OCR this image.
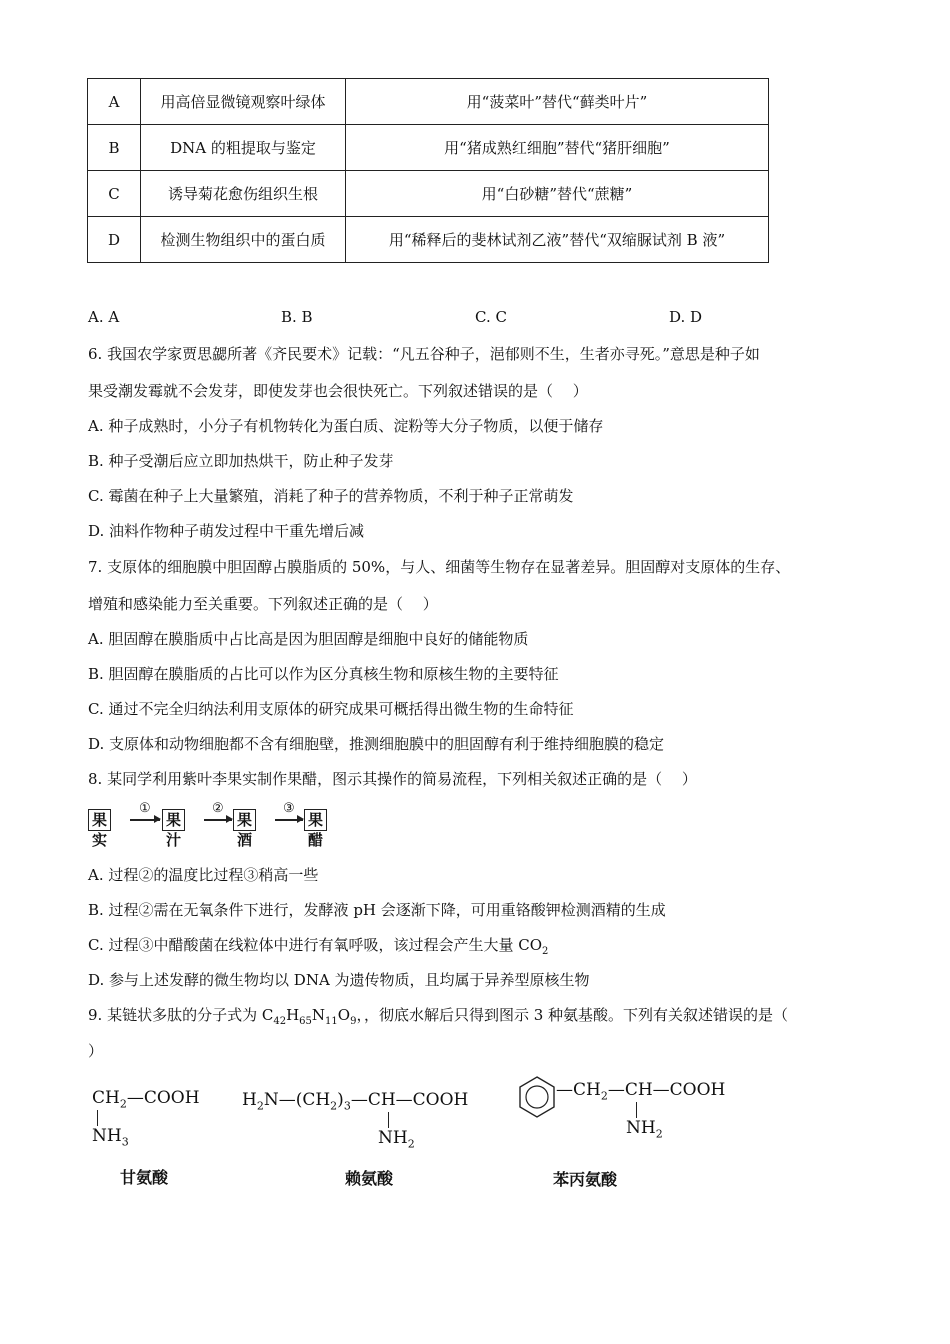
A	用高倍显微镜观察叶绿体	用“菠菜叶”替代“藓类叶片”
B	DNA 的粗提取与鉴定	用“猪成熟红细胞”替代“猪肝细胞”
C	诱导菊花愈伤组织生根	用“白砂糖”替代“蔗糖”
D	检测生物组织中的蛋白质	用“稀释后的斐林试剂乙液”替代“双缩脲试剂 B 液”
A. A	B. B	C. C	D. D
6. 我国农学家贾思勰所著《齐民要术》记载：“凡五谷种子，浥郁则不生，生者亦寻死。”意思是种子如
果受潮发霉就不会发芽，即使发芽也会很快死亡。下列叙述错误的是（　 ）
A. 种子成熟时，小分子有机物转化为蛋白质、淀粉等大分子物质，以便于储存
B. 种子受潮后应立即加热烘干，防止种子发芽
C. 霉菌在种子上大量繁殖，消耗了种子的营养物质，不利于种子正常萌发
D. 油料作物种子萌发过程中干重先增后减
7. 支原体的细胞膜中胆固醇占膜脂质的 50%，与人、细菌等生物存在显著差异。胆固醇对支原体的生存、
增殖和感染能力至关重要。下列叙述正确的是（　 ）
A. 胆固醇在膜脂质中占比高是因为胆固醇是细胞中良好的储能物质
B. 胆固醇在膜脂质的占比可以作为区分真核生物和原核生物的主要特征
C. 通过不完全归纳法利用支原体的研究成果可概括得出微生物的生命特征
D. 支原体和动物细胞都不含有细胞壁，推测细胞膜中的胆固醇有利于维持细胞膜的稳定
8. 某同学利用紫叶李果实制作果醋，图示其操作的简易流程，下列相关叙述正确的是（　 ）
果实
①
果汁
②
果酒
③
果醋
A. 过程②的温度比过程③稍高一些
B. 过程②需在无氧条件下进行，发酵液 pH 会逐渐下降，可用重铬酸钾检测酒精的生成
C. 过程③中醋酸菌在线粒体中进行有氧呼吸，该过程会产生大量 $CO_2$
D. 参与上述发酵的微生物均以 DNA 为遗传物质，且均属于异养型原核生物
9. 某链状多肽的分子式为 $C_{42}H_{65}N_{11}O_9$，，彻底水解后只得到图示 3 种氨基酸。下列有关叙述错误的是（
）
$CH_2—COOH$
$NH_3$
甘氨酸
$H_2N—(CH_2)_3—CH—COOH$
$NH_2$
赖氨酸
$—CH_2—CH—COOH$
$NH_2$
苯丙氨酸
